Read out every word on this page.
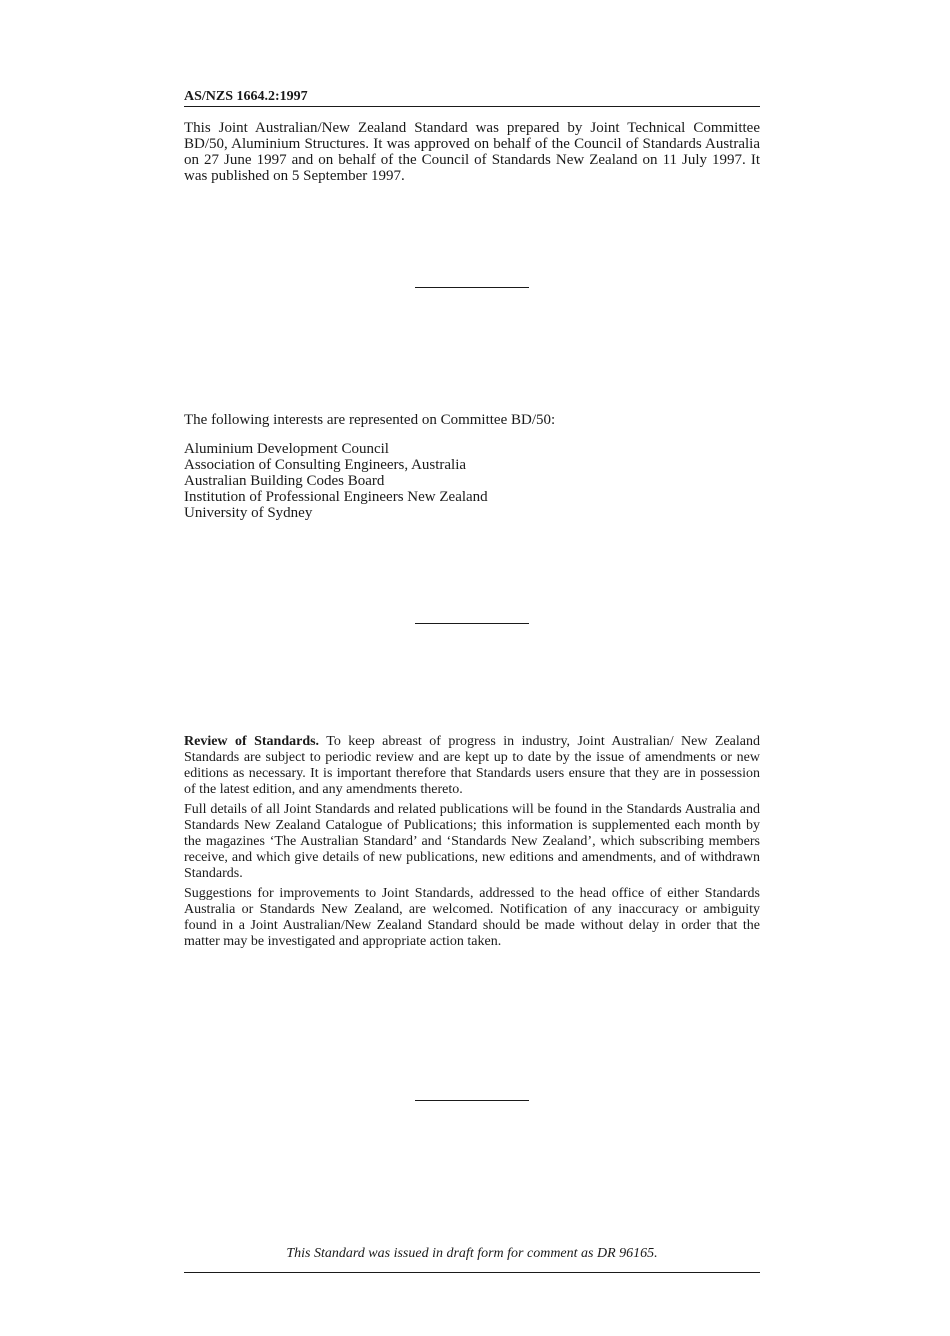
AS/NZS 1664.2:1997

This Joint Australian/New Zealand Standard was prepared by Joint Technical Committee BD/50, Aluminium Structures. It was approved on behalf of the Council of Standards Australia on 27 June 1997 and on behalf of the Council of Standards New Zealand on 11 July 1997. It was published on 5 September 1997.

The following interests are represented on Committee BD/50:

Aluminium Development Council
Association of Consulting Engineers, Australia
Australian Building Codes Board
Institution of Professional Engineers New Zealand
University of Sydney

Review of Standards. To keep abreast of progress in industry, Joint Australian/ New Zealand Standards are subject to periodic review and are kept up to date by the issue of amendments or new editions as necessary. It is important therefore that Standards users ensure that they are in possession of the latest edition, and any amendments thereto.

Full details of all Joint Standards and related publications will be found in the Standards Australia and Standards New Zealand Catalogue of Publications; this information is supplemented each month by the magazines ‘The Australian Standard’ and ‘Standards New Zealand’, which subscribing members receive, and which give details of new publications, new editions and amendments, and of withdrawn Standards.

Suggestions for improvements to Joint Standards, addressed to the head office of either Standards Australia or Standards New Zealand, are welcomed. Notification of any inaccuracy or ambiguity found in a Joint Australian/New Zealand Standard should be made without delay in order that the matter may be investigated and appropriate action taken.

This Standard was issued in draft form for comment as DR 96165.
